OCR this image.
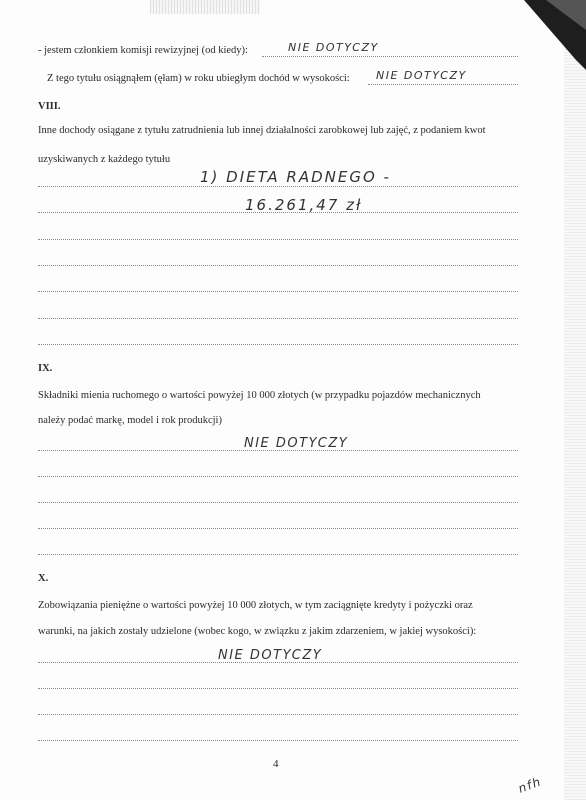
- jestem członkiem komisji rewizyjnej (od kiedy):	NIE DOTYCZY
Z tego tytułu osiągnąłem (ęłam) w roku ubiegłym dochód w wysokości: NIE DOTYCZY
VIII.
Inne dochody osiągane z tytułu zatrudnienia lub innej działalności zarobkowej lub zajęć, z podaniem kwot
uzyskiwanych z każdego tytułu
1) DIETA RADNEGO -
16.261,47 zł
IX.
Składniki mienia ruchomego o wartości powyżej 10 000 złotych (w przypadku pojazdów mechanicznych
należy podać markę, model i rok produkcji)
NIE DOTYCZY
X.
Zobowiązania pieniężne o wartości powyżej 10 000 złotych, w tym zaciągnięte kredyty i pożyczki oraz
warunki, na jakich zostały udzielone (wobec kogo, w związku z jakim zdarzeniem, w jakiej wysokości):
NIE DOTYCZY
4
nfh
